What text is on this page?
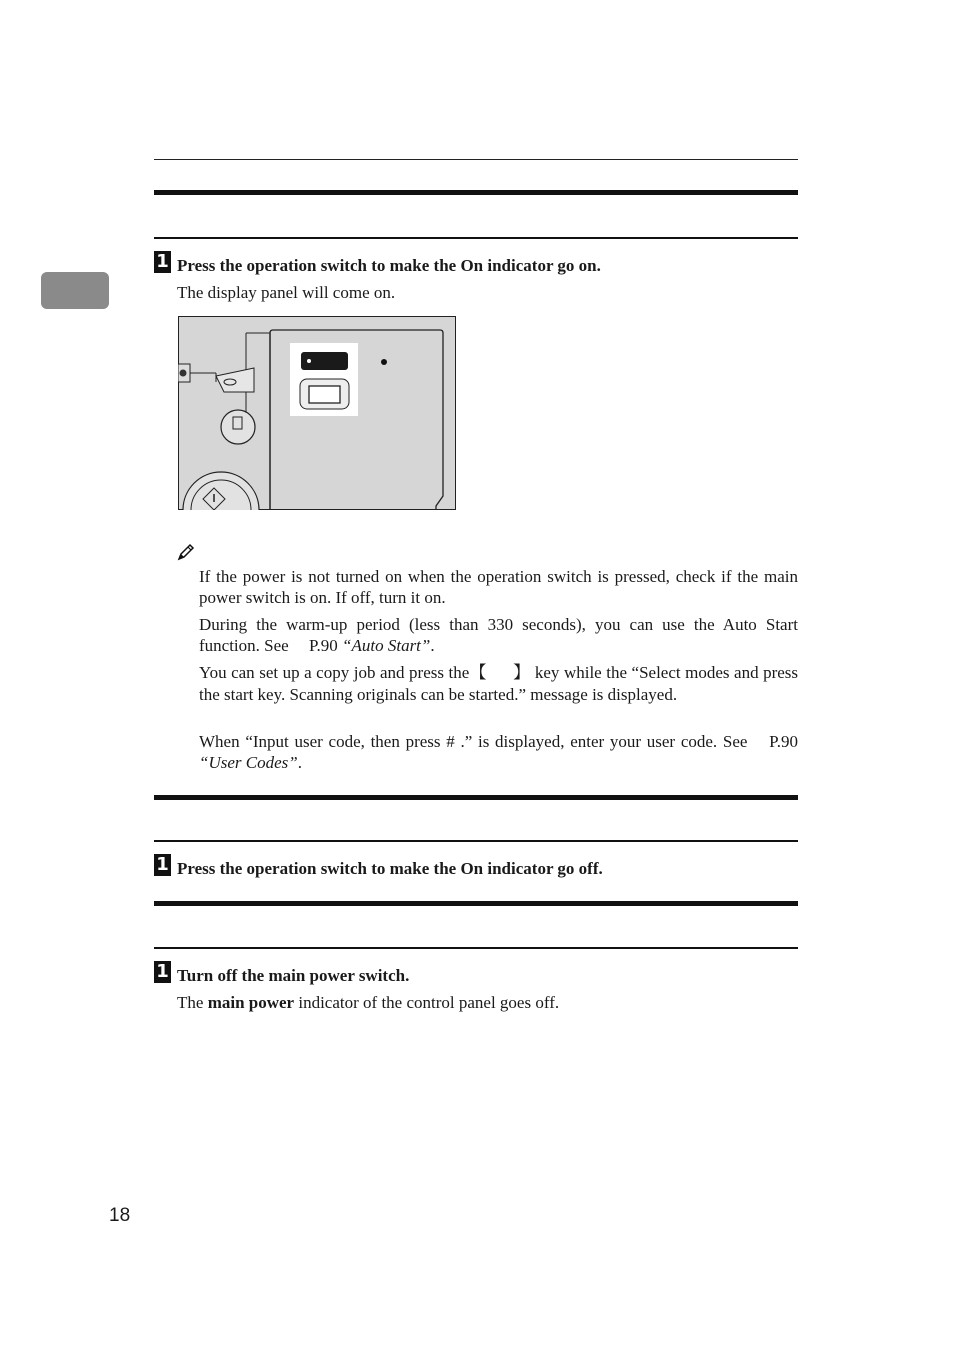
1 Press the operation switch to make the On indicator go on.
The display panel will come on.
If the power is not turned on when the operation switch is pressed, check if the main power switch is on. If off, turn it on.
During the warm-up period (less than 330 seconds), you can use the Auto Start function. See P.90 “Auto Start”.
You can set up a copy job and press the【 】 key while the “Select modes and press the start key. Scanning originals can be started.” message is displayed.
When “Input user code, then press # .” is displayed, enter your user code. See P.90 “User Codes”.
1 Press the operation switch to make the On indicator go off.
1 Turn off the main power switch.
The main power indicator of the control panel goes off.
18
